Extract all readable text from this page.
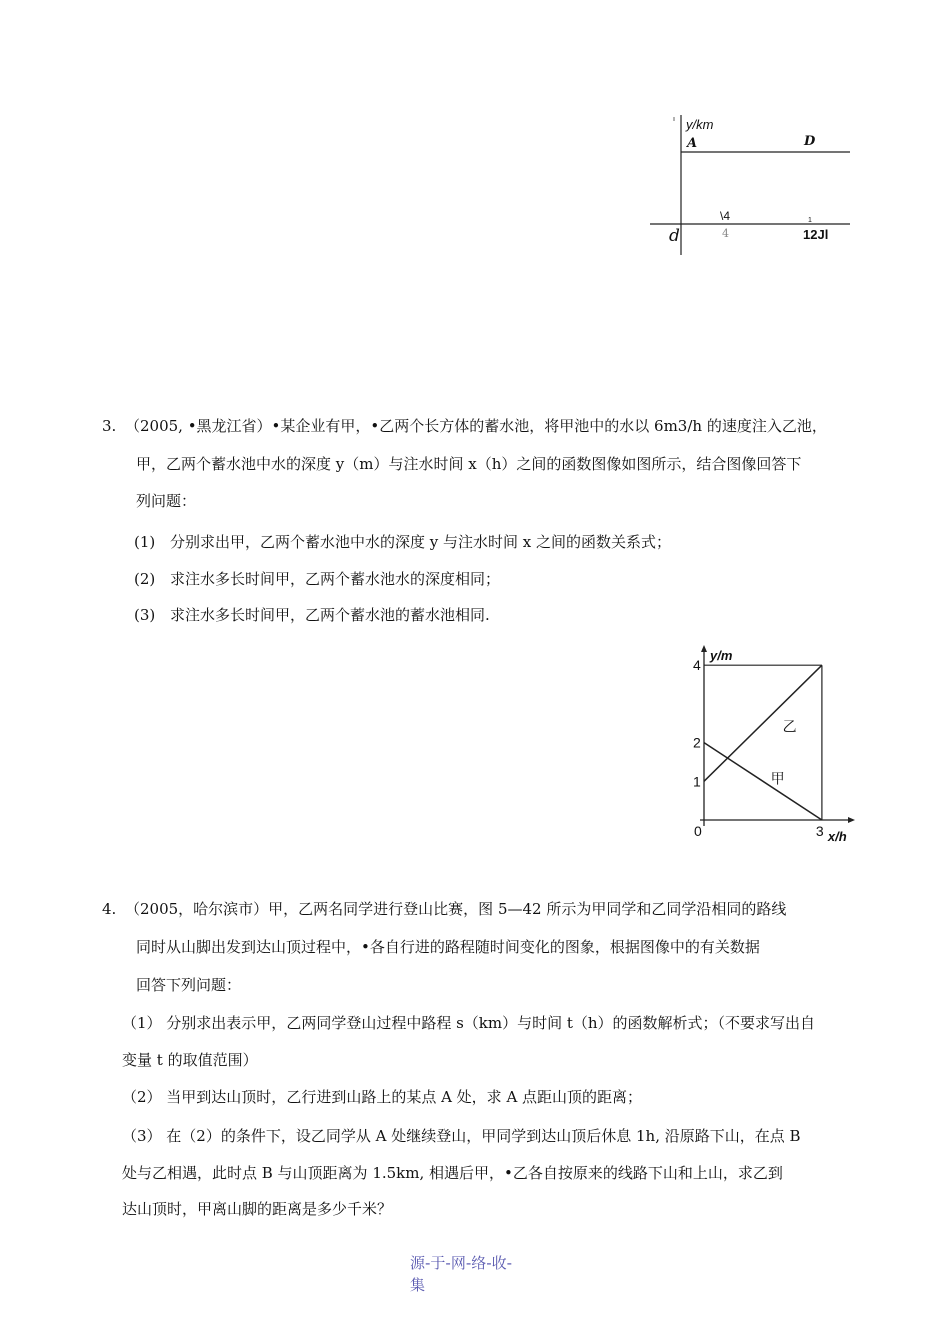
y/km
A	D
\4
4
1
12Jl
d
3. （2005, •黑龙江省）•某企业有甲，•乙两个长方体的蓄水池，将甲池中的水以 6m3/h 的速度注入乙池，
甲，乙两个蓄水池中水的深度 y（m）与注水时间 x（h）之间的函数图像如图所示，结合图像回答下
列问题：
(1) 分别求出甲，乙两个蓄水池中水的深度 y 与注水时间 x 之间的函数关系式；
(2) 求注水多长时间甲，乙两个蓄水池水的深度相同；
(3) 求注水多长时间甲，乙两个蓄水池的蓄水池相同.
乙
甲
1
2
4
0	3
y/m
x/h
4. （2005，哈尔滨市）甲，乙两名同学进行登山比赛，图 5—42 所示为甲同学和乙同学沿相同的路线
同时从山脚出发到达山顶过程中，•各自行进的路程随时间变化的图象，根据图像中的有关数据
回答下列问题：
（1） 分别求出表示甲，乙两同学登山过程中路程 s（km）与时间 t（h）的函数解析式；（不要求写出自
变量 t 的取值范围）
（2） 当甲到达山顶时，乙行进到山路上的某点 A 处，求 A 点距山顶的距离；
（3） 在（2）的条件下，设乙同学从 A 处继续登山，甲同学到达山顶后休息 1h, 沿原路下山，在点 B
处与乙相遇，此时点 B 与山顶距离为 1.5km, 相遇后甲，•乙各自按原来的线路下山和上山，求乙到
达山顶时，甲离山脚的距离是多少千米？
源-于-网-络-收-
集
